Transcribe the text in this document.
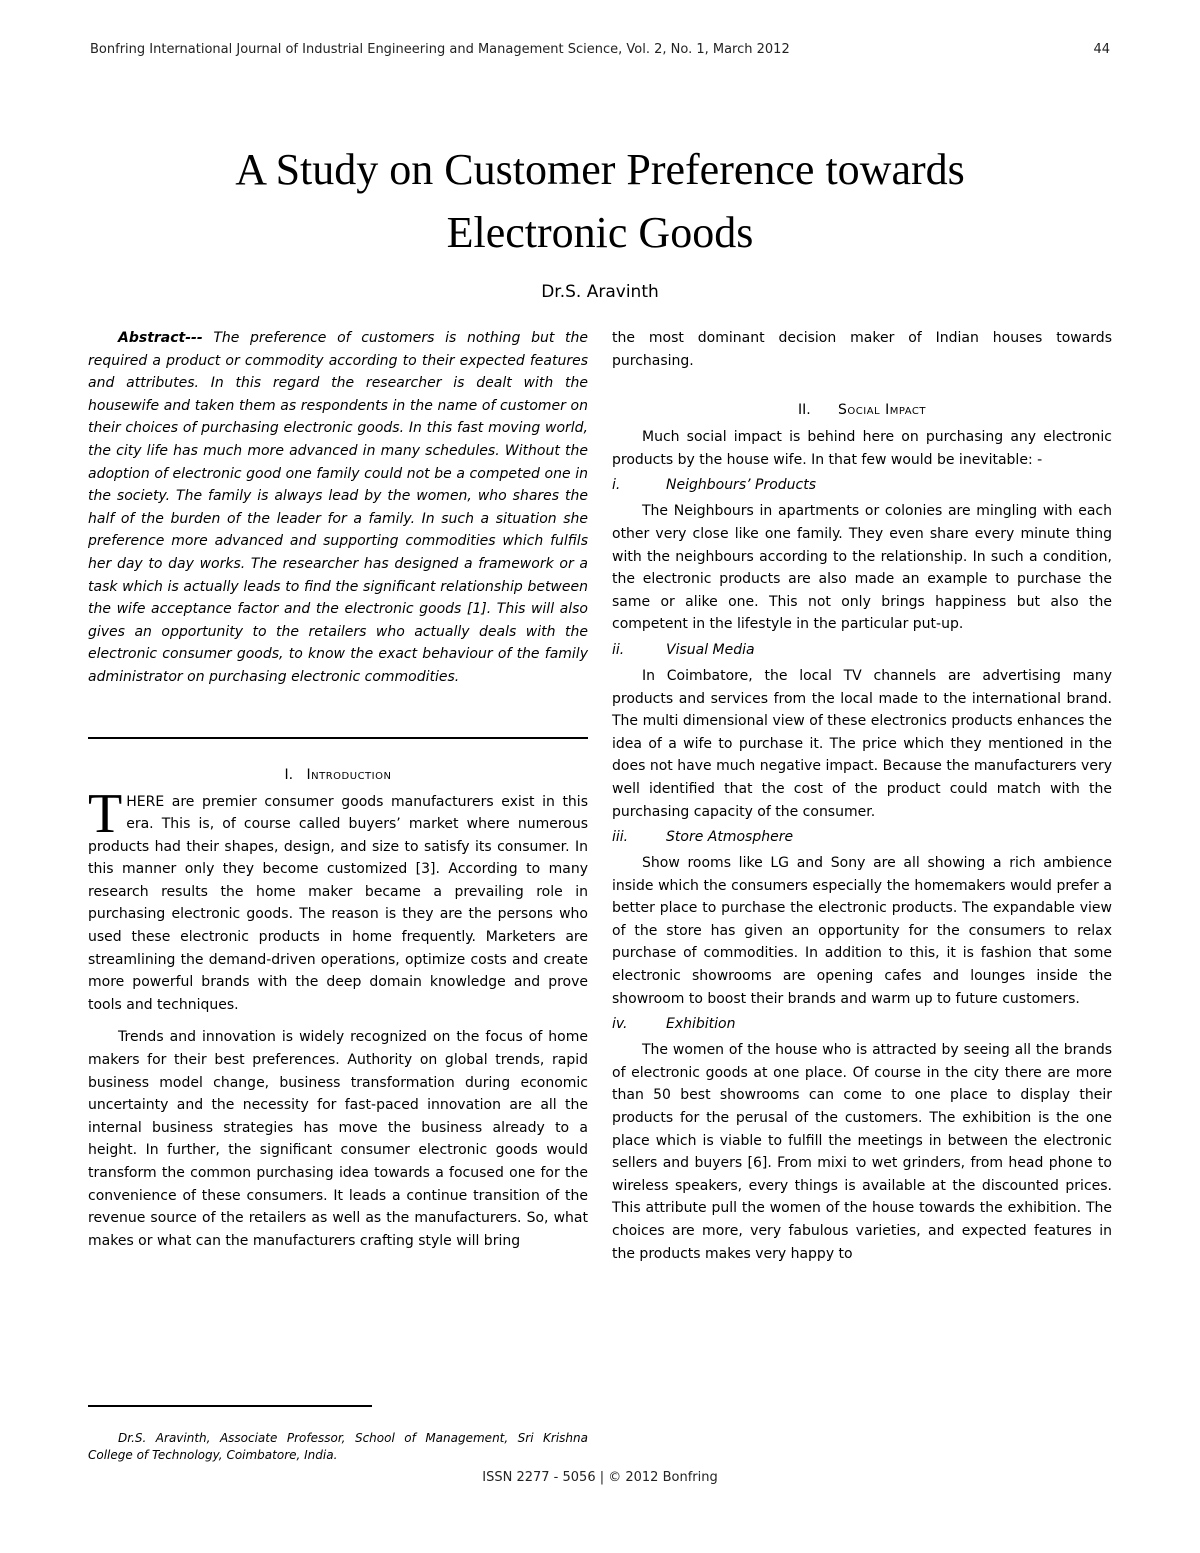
Bonfring International Journal of Industrial Engineering and Management Science, Vol. 2, No. 1, March 2012	44
A Study on Customer Preference towards
Electronic Goods
Dr.S. Aravinth

Abstract--- The preference of customers is nothing but the required a product or commodity according to their expected features and attributes. In this regard the researcher is dealt with the housewife and taken them as respondents in the name of customer on their choices of purchasing electronic goods. In this fast moving world, the city life has much more advanced in many schedules. Without the adoption of electronic good one family could not be a competed one in the society. The family is always lead by the women, who shares the half of the burden of the leader for a family. In such a situation she preference more advanced and supporting commodities which fulfils her day to day works. The researcher has designed a framework or a task which is actually leads to find the significant relationship between the wife acceptance factor and the electronic goods [1]. This will also gives an opportunity to the retailers who actually deals with the electronic consumer goods, to know the exact behaviour of the family administrator on purchasing electronic commodities.

I. Introduction

THERE are premier consumer goods manufacturers exist in this era. This is, of course called buyers’ market where numerous products had their shapes, design, and size to satisfy its consumer. In this manner only they become customized [3]. According to many research results the home maker became a prevailing role in purchasing electronic goods. The reason is they are the persons who used these electronic products in home frequently. Marketers are streamlining the demand-driven operations, optimize costs and create more powerful brands with the deep domain knowledge and prove tools and techniques.

Trends and innovation is widely recognized on the focus of home makers for their best preferences. Authority on global trends, rapid business model change, business transformation during economic uncertainty and the necessity for fast-paced innovation are all the internal business strategies has move the business already to a height. In further, the significant consumer electronic goods would transform the common purchasing idea towards a focused one for the convenience of these consumers. It leads a continue transition of the revenue source of the retailers as well as the manufacturers. So, what makes or what can the manufacturers crafting style will bring

the most dominant decision maker of Indian houses towards purchasing.

II. Social Impact

Much social impact is behind here on purchasing any electronic products by the house wife. In that few would be inevitable: -

i.	Neighbours’ Products

The Neighbours in apartments or colonies are mingling with each other very close like one family. They even share every minute thing with the neighbours according to the relationship. In such a condition, the electronic products are also made an example to purchase the same or alike one. This not only brings happiness but also the competent in the lifestyle in the particular put-up.

ii.	Visual Media

In Coimbatore, the local TV channels are advertising many products and services from the local made to the international brand. The multi dimensional view of these electronics products enhances the idea of a wife to purchase it. The price which they mentioned in the does not have much negative impact. Because the manufacturers very well identified that the cost of the product could match with the purchasing capacity of the consumer.

iii.	Store Atmosphere

Show rooms like LG and Sony are all showing a rich ambience inside which the consumers especially the homemakers would prefer a better place to purchase the electronic products. The expandable view of the store has given an opportunity for the consumers to relax purchase of commodities. In addition to this, it is fashion that some electronic showrooms are opening cafes and lounges inside the showroom to boost their brands and warm up to future customers.

iv.	Exhibition

The women of the house who is attracted by seeing all the brands of electronic goods at one place. Of course in the city there are more than 50 best showrooms can come to one place to display their products for the perusal of the customers. The exhibition is the one place which is viable to fulfill the meetings in between the electronic sellers and buyers [6]. From mixi to wet grinders, from head phone to wireless speakers, every things is available at the discounted prices. This attribute pull the women of the house towards the exhibition. The choices are more, very fabulous varieties, and expected features in the products makes very happy to

Dr.S. Aravinth, Associate Professor, School of Management, Sri Krishna College of Technology, Coimbatore, India.

ISSN 2277 - 5056 | © 2012 Bonfring
